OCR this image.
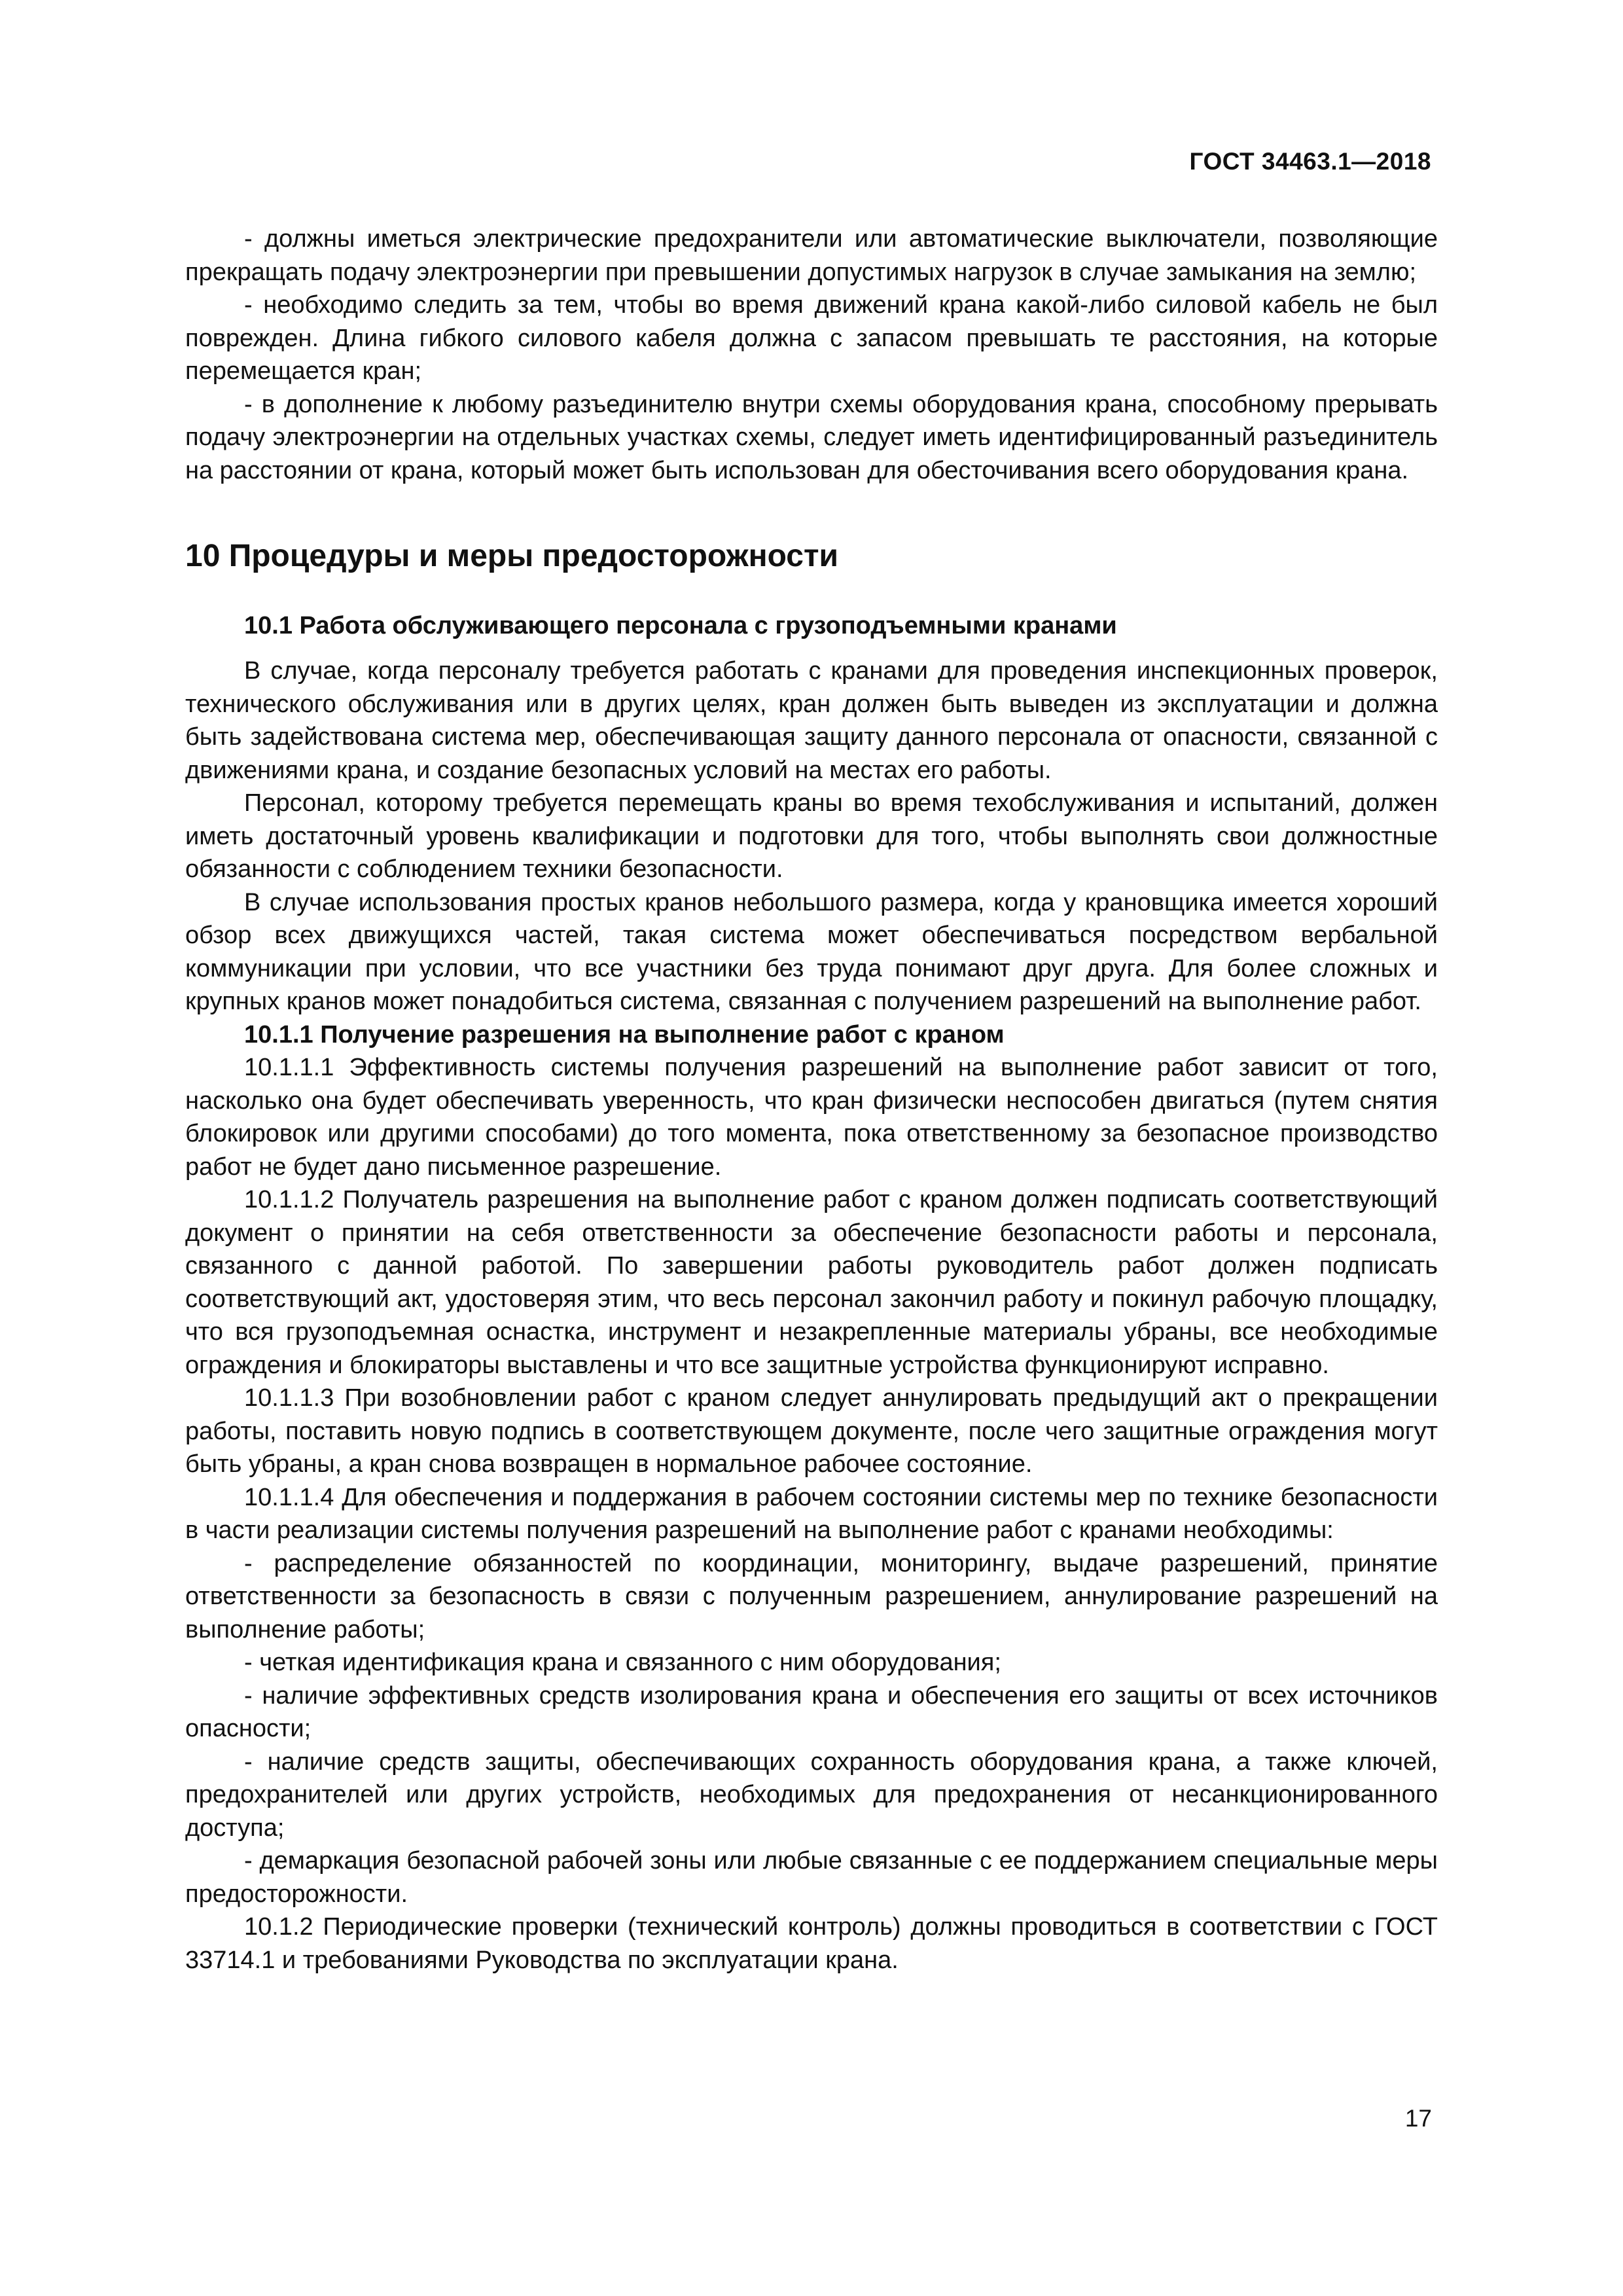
ГОСТ 34463.1—2018

- должны иметься электрические предохранители или автоматические выключатели, позволяющие прекращать подачу электроэнергии при превышении допустимых нагрузок в случае замыкания на землю;

- необходимо следить за тем, чтобы во время движений крана какой-либо силовой кабель не был поврежден. Длина гибкого силового кабеля должна с запасом превышать те расстояния, на которые перемещается кран;

- в дополнение к любому разъединителю внутри схемы оборудования крана, способному прерывать подачу электроэнергии на отдельных участках схемы, следует иметь идентифицированный разъединитель на расстоянии от крана, который может быть использован для обесточивания всего оборудования крана.

10 Процедуры и меры предосторожности
10.1 Работа обслуживающего персонала с грузоподъемными кранами

В случае, когда персоналу требуется работать с кранами для проведения инспекционных проверок, технического обслуживания или в других целях, кран должен быть выведен из эксплуатации и должна быть задействована система мер, обеспечивающая защиту данного персонала от опасности, связанной с движениями крана, и создание безопасных условий на местах его работы.

Персонал, которому требуется перемещать краны во время техобслуживания и испытаний, должен иметь достаточный уровень квалификации и подготовки для того, чтобы выполнять свои должностные обязанности с соблюдением техники безопасности.

В случае использования простых кранов небольшого размера, когда у крановщика имеется хороший обзор всех движущихся частей, такая система может обеспечиваться посредством вербальной коммуникации при условии, что все участники без труда понимают друг друга. Для более сложных и крупных кранов может понадобиться система, связанная с получением разрешений на выполнение работ.

10.1.1 Получение разрешения на выполнение работ с краном

10.1.1.1 Эффективность системы получения разрешений на выполнение работ зависит от того, насколько она будет обеспечивать уверенность, что кран физически неспособен двигаться (путем снятия блокировок или другими способами) до того момента, пока ответственному за безопасное производство работ не будет дано письменное разрешение.

10.1.1.2 Получатель разрешения на выполнение работ с краном должен подписать соответствующий документ о принятии на себя ответственности за обеспечение безопасности работы и персонала, связанного с данной работой. По завершении работы руководитель работ должен подписать соответствующий акт, удостоверяя этим, что весь персонал закончил работу и покинул рабочую площадку, что вся грузоподъемная оснастка, инструмент и незакрепленные материалы убраны, все необходимые ограждения и блокираторы выставлены и что все защитные устройства функционируют исправно.

10.1.1.3 При возобновлении работ с краном следует аннулировать предыдущий акт о прекращении работы, поставить новую подпись в соответствующем документе, после чего защитные ограждения могут быть убраны, а кран снова возвращен в нормальное рабочее состояние.

10.1.1.4 Для обеспечения и поддержания в рабочем состоянии системы мер по технике безопасности в части реализации системы получения разрешений на выполнение работ с кранами необходимы:

- распределение обязанностей по координации, мониторингу, выдаче разрешений, принятие ответственности за безопасность в связи с полученным разрешением, аннулирование разрешений на выполнение работы;

- четкая идентификация крана и связанного с ним оборудования;

- наличие эффективных средств изолирования крана и обеспечения его защиты от всех источников опасности;

- наличие средств защиты, обеспечивающих сохранность оборудования крана, а также ключей, предохранителей или других устройств, необходимых для предохранения от несанкционированного доступа;

- демаркация безопасной рабочей зоны или любые связанные с ее поддержанием специальные меры предосторожности.

10.1.2 Периодические проверки (технический контроль) должны проводиться в соответствии с ГОСТ 33714.1 и требованиями Руководства по эксплуатации крана.

17
